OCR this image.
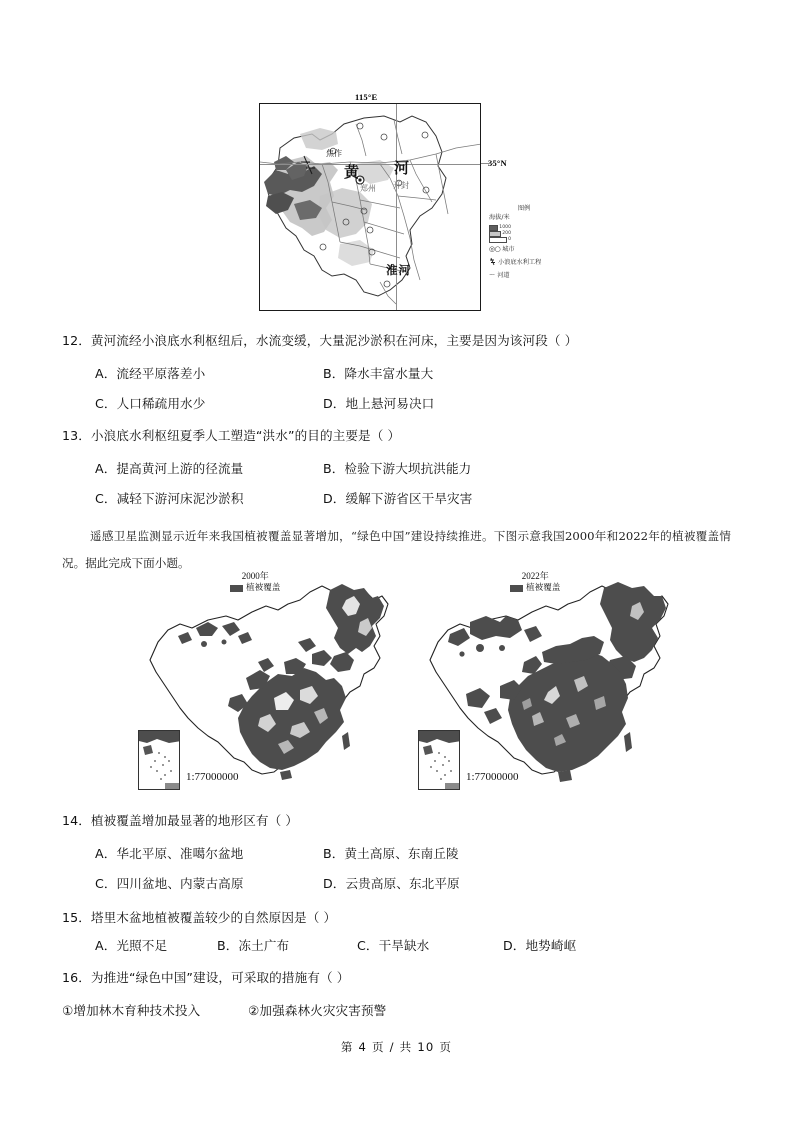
115°E
35°N
焦作
黄 河
郑州 开封
淮河
图例
海拔/米
1000
200
0
◎○ 城市
小浪底水利工程
〜 河道
12．黄河流经小浪底水利枢纽后，水流变缓，大量泥沙淤积在河床，主要是因为该河段（ ）
A．流经平原落差小	B．降水丰富水量大
C．人口稀疏用水少	D．地上悬河易决口
13．小浪底水利枢纽夏季人工塑造“洪水”的目的主要是（ ）
A．提高黄河上游的径流量	B．检验下游大坝抗洪能力
C．减轻下游河床泥沙淤积	D．缓解下游省区干旱灾害
遥感卫星监测显示近年来我国植被覆盖显著增加，“绿色中国”建设持续推进。下图示意我国2000年和2022年的植被覆盖情况。据此完成下面小题。
2000年
植被覆盖
1:77000000
2022年
植被覆盖
1:77000000
14．植被覆盖增加最显著的地形区有（ ）
A．华北平原、准噶尔盆地	B．黄土高原、东南丘陵
C．四川盆地、内蒙古高原	D．云贵高原、东北平原
15．塔里木盆地植被覆盖较少的自然原因是（ ）
A．光照不足	B．冻土广布	C．干旱缺水	D．地势崎岖
16．为推进“绿色中国”建设，可采取的措施有（ ）
①增加林木育种技术投入	②加强森林火灾灾害预警
第 4 页 / 共 10 页
